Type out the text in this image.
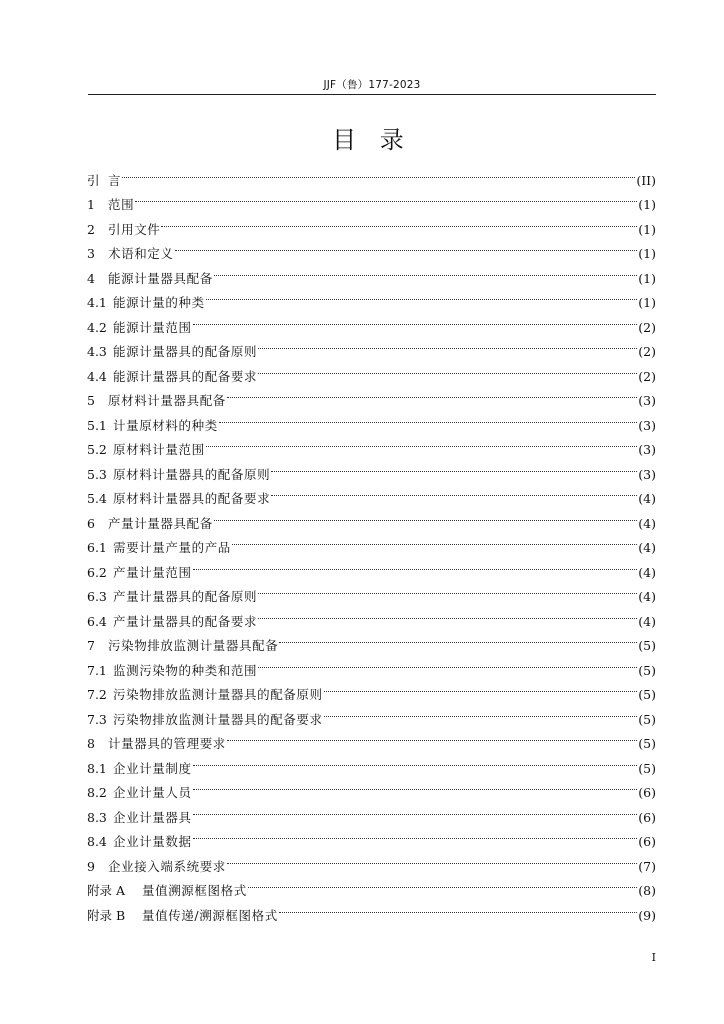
JJF（鲁）177-2023
目 录
引 言	(II)
1	范围	(1)
2	引用文件	(1)
3	术语和定义	(1)
4	能源计量器具配备	(1)
4.1 能源计量的种类	(1)
4.2 能源计量范围	(2)
4.3 能源计量器具的配备原则	(2)
4.4 能源计量器具的配备要求	(2)
5	原材料计量器具配备	(3)
5.1 计量原材料的种类	(3)
5.2 原材料计量范围	(3)
5.3 原材料计量器具的配备原则	(3)
5.4 原材料计量器具的配备要求	(4)
6	产量计量器具配备	(4)
6.1 需要计量产量的产品	(4)
6.2 产量计量范围	(4)
6.3 产量计量器具的配备原则	(4)
6.4 产量计量器具的配备要求	(4)
7	污染物排放监测计量器具配备	(5)
7.1 监测污染物的种类和范围	(5)
7.2 污染物排放监测计量器具的配备原则	(5)
7.3 污染物排放监测计量器具的配备要求	(5)
8	计量器具的管理要求	(5)
8.1 企业计量制度	(5)
8.2 企业计量人员	(6)
8.3 企业计量器具	(6)
8.4 企业计量数据	(6)
9	企业接入端系统要求	(7)
附录 A	量值溯源框图格式	(8)
附录 B	量值传递/溯源框图格式	(9)
I
